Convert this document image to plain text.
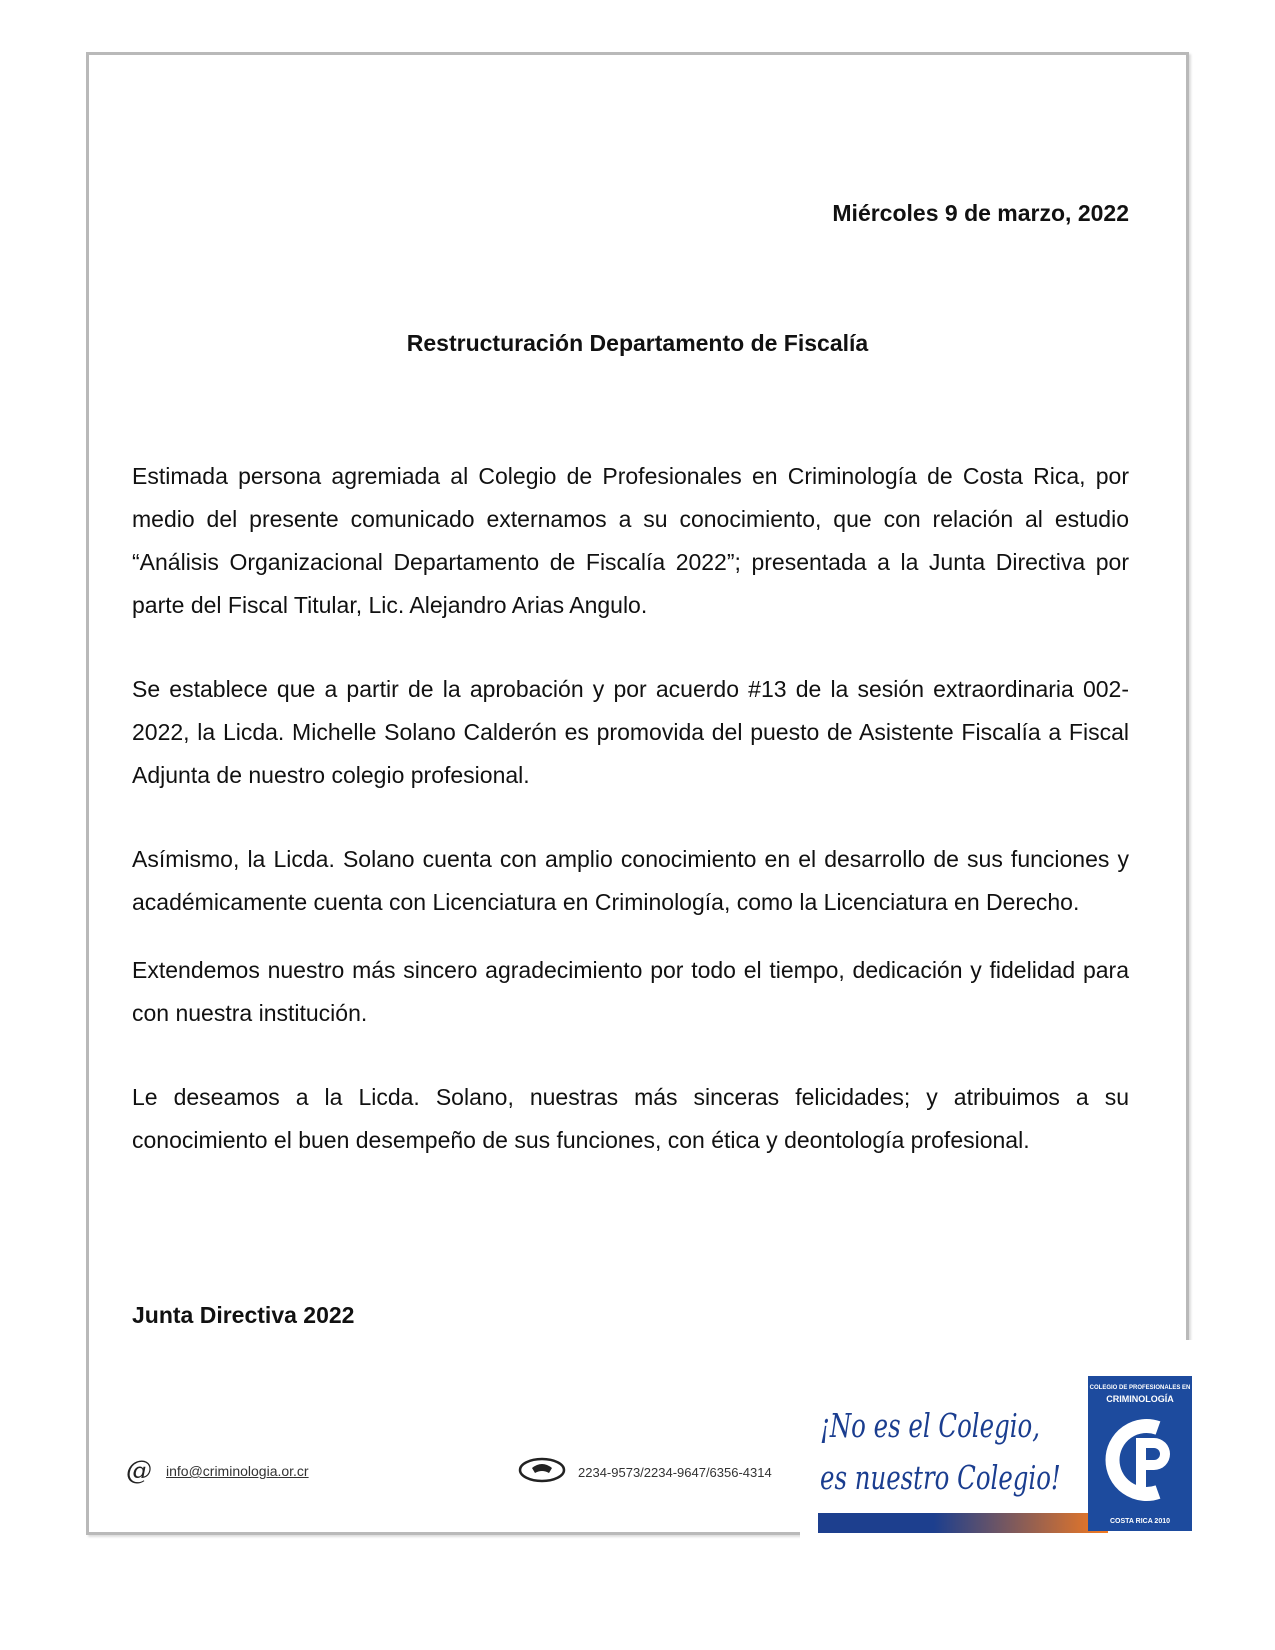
Miércoles 9 de marzo, 2022
Restructuración Departamento de Fiscalía

Estimada persona agremiada al Colegio de Profesionales en Criminología de Costa Rica, por medio del presente comunicado externamos a su conocimiento, que con relación al estudio “Análisis Organizacional Departamento de Fiscalía 2022”; presentada a la Junta Directiva por parte del Fiscal Titular, Lic. Alejandro Arias Angulo.

Se establece que a partir de la aprobación y por acuerdo #13 de la sesión extraordinaria 002-2022, la Licda. Michelle Solano Calderón es promovida del puesto de Asistente Fiscalía a Fiscal Adjunta de nuestro colegio profesional.

Asímismo, la Licda. Solano cuenta con amplio conocimiento en el desarrollo de sus funciones y académicamente cuenta con Licenciatura en Criminología, como la Licenciatura en Derecho.

Extendemos nuestro más sincero agradecimiento por todo el tiempo, dedicación y fidelidad para con nuestra institución.

Le deseamos a la Licda. Solano, nuestras más sinceras felicidades; y atribuimos a su conocimiento el buen desempeño de sus funciones, con ética y deontología profesional.

Junta Directiva 2022
@ info@criminologia.or.cr	2234-9573/2234-9647/6356-4314
¡No es el Colegio,
es nuestro Colegio!
COLEGIO DE PROFESIONALES EN
CRIMINOLOGÍA
COSTA RICA 2010
